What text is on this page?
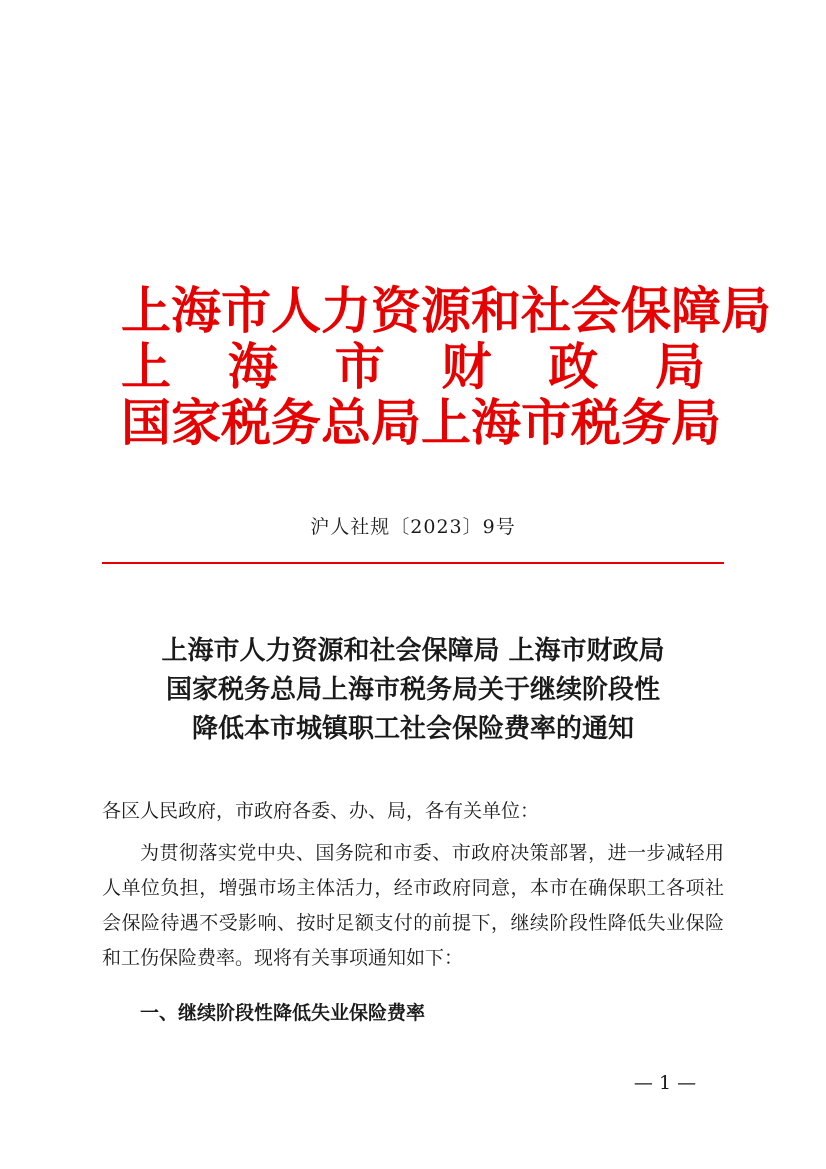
上海市人力资源和社会保障局
上 海 市 财 政 局
国家税务总局上海市税务局
沪人社规〔2023〕9号
上海市人力资源和社会保障局 上海市财政局
国家税务总局上海市税务局关于继续阶段性
降低本市城镇职工社会保险费率的通知
各区人民政府，市政府各委、办、局，各有关单位：
为贯彻落实党中央、国务院和市委、市政府决策部署，进一步减轻用人单位负担，增强市场主体活力，经市政府同意，本市在确保职工各项社会保险待遇不受影响、按时足额支付的前提下，继续阶段性降低失业保险和工伤保险费率。现将有关事项通知如下：
一、继续阶段性降低失业保险费率
— 1 —
